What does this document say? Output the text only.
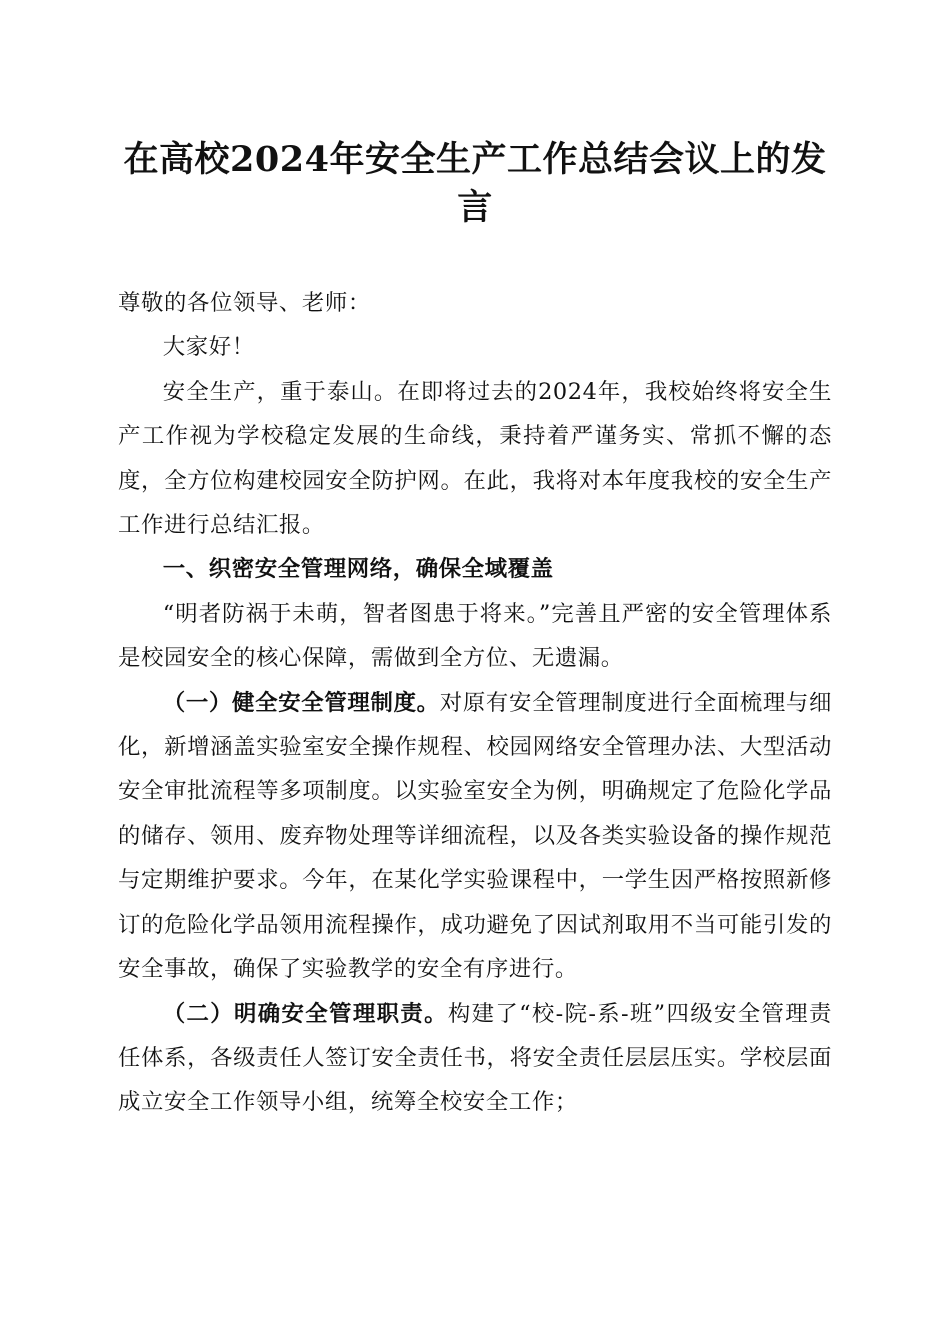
在高校2024年安全生产工作总结会议上的发言

尊敬的各位领导、老师：

大家好！

安全生产，重于泰山。在即将过去的2024年，我校始终将安全生产工作视为学校稳定发展的生命线，秉持着严谨务实、常抓不懈的态度，全方位构建校园安全防护网。在此，我将对本年度我校的安全生产工作进行总结汇报。

一、织密安全管理网络，确保全域覆盖

“明者防祸于未萌，智者图患于将来。”完善且严密的安全管理体系是校园安全的核心保障，需做到全方位、无遗漏。

（一）健全安全管理制度。对原有安全管理制度进行全面梳理与细化，新增涵盖实验室安全操作规程、校园网络安全管理办法、大型活动安全审批流程等多项制度。以实验室安全为例，明确规定了危险化学品的储存、领用、废弃物处理等详细流程，以及各类实验设备的操作规范与定期维护要求。今年，在某化学实验课程中，一学生因严格按照新修订的危险化学品领用流程操作，成功避免了因试剂取用不当可能引发的安全事故，确保了实验教学的安全有序进行。

（二）明确安全管理职责。构建了“校-院-系-班”四级安全管理责任体系，各级责任人签订安全责任书，将安全责任层层压实。学校层面成立安全工作领导小组，统筹全校安全工作；
